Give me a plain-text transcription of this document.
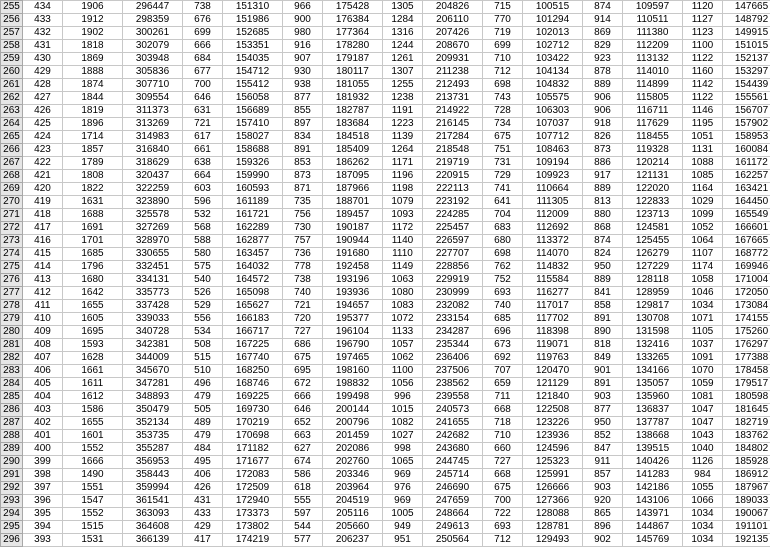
255	434	1906	296447	738	151310	966	175428	1305	204826	715	100515	874	109597	1120	147665
256	433	1912	298359	676	151986	900	176384	1284	206110	770	101294	914	110511	1127	148792
257	432	1902	300261	699	152685	980	177364	1316	207426	719	102013	869	111380	1123	149915
258	431	1818	302079	666	153351	916	178280	1244	208670	699	102712	829	112209	1100	151015
259	430	1869	303948	684	154035	907	179187	1261	209931	710	103422	923	113132	1122	152137
260	429	1888	305836	677	154712	930	180117	1307	211238	712	104134	878	114010	1160	153297
261	428	1874	307710	700	155412	938	181055	1255	212493	698	104832	889	114899	1142	154439
262	427	1844	309554	646	156058	877	181932	1238	213731	743	105575	906	115805	1122	155561
263	426	1819	311373	631	156689	855	182787	1191	214922	728	106303	906	116711	1146	156707
264	425	1896	313269	721	157410	897	183684	1223	216145	734	107037	918	117629	1195	157902
265	424	1714	314983	617	158027	834	184518	1139	217284	675	107712	826	118455	1051	158953
266	423	1857	316840	661	158688	891	185409	1264	218548	751	108463	873	119328	1131	160084
267	422	1789	318629	638	159326	853	186262	1171	219719	731	109194	886	120214	1088	161172
268	421	1808	320437	664	159990	873	187095	1196	220915	729	109923	917	121131	1085	162257
269	420	1822	322259	603	160593	871	187966	1198	222113	741	110664	889	122020	1164	163421
270	419	1631	323890	596	161189	735	188701	1079	223192	641	111305	813	122833	1029	164450
271	418	1688	325578	532	161721	756	189457	1093	224285	704	112009	880	123713	1099	165549
272	417	1691	327269	568	162289	730	190187	1172	225457	683	112692	868	124581	1052	166601
273	416	1701	328970	588	162877	757	190944	1140	226597	680	113372	874	125455	1064	167665
274	415	1685	330655	580	163457	736	191680	1110	227707	698	114070	824	126279	1107	168772
275	414	1796	332451	575	164032	778	192458	1149	228856	762	114832	950	127229	1174	169946
276	413	1680	334131	540	164572	738	193196	1063	229919	752	115584	889	128118	1058	171004
277	412	1642	335773	526	165098	740	193936	1080	230999	693	116277	841	128959	1046	172050
278	411	1655	337428	529	165627	721	194657	1083	232082	740	117017	858	129817	1034	173084
279	410	1605	339033	556	166183	720	195377	1072	233154	685	117702	891	130708	1071	174155
280	409	1695	340728	534	166717	727	196104	1133	234287	696	118398	890	131598	1105	175260
281	408	1593	342381	508	167225	686	196790	1057	235344	673	119071	818	132416	1037	176297
282	407	1628	344009	515	167740	675	197465	1062	236406	692	119763	849	133265	1091	177388
283	406	1661	345670	510	168250	695	198160	1100	237506	707	120470	901	134166	1070	178458
284	405	1611	347281	496	168746	672	198832	1056	238562	659	121129	891	135057	1059	179517
285	404	1612	348893	479	169225	666	199498	996	239558	711	121840	903	135960	1081	180598
286	403	1586	350479	505	169730	646	200144	1015	240573	668	122508	877	136837	1047	181645
287	402	1655	352134	489	170219	652	200796	1082	241655	718	123226	950	137787	1047	182719
288	401	1601	353735	479	170698	663	201459	1027	242682	710	123936	852	138668	1043	183762
289	400	1552	355287	484	171182	627	202086	998	243680	660	124596	847	139515	1040	184802
290	399	1666	356953	495	171677	674	202760	1065	244745	727	125323	911	140426	1126	185928
291	398	1490	358443	406	172083	586	203346	969	245714	668	125991	857	141283	984	186912
292	397	1551	359994	426	172509	618	203964	976	246690	675	126666	903	142186	1055	187967
293	396	1547	361541	431	172940	555	204519	969	247659	700	127366	920	143106	1066	189033
294	395	1552	363093	433	173373	597	205116	1005	248664	722	128088	865	143971	1034	190067
295	394	1515	364608	429	173802	544	205660	949	249613	693	128781	896	144867	1034	191101
296	393	1531	366139	417	174219	577	206237	951	250564	712	129493	902	145769	1034	192135
